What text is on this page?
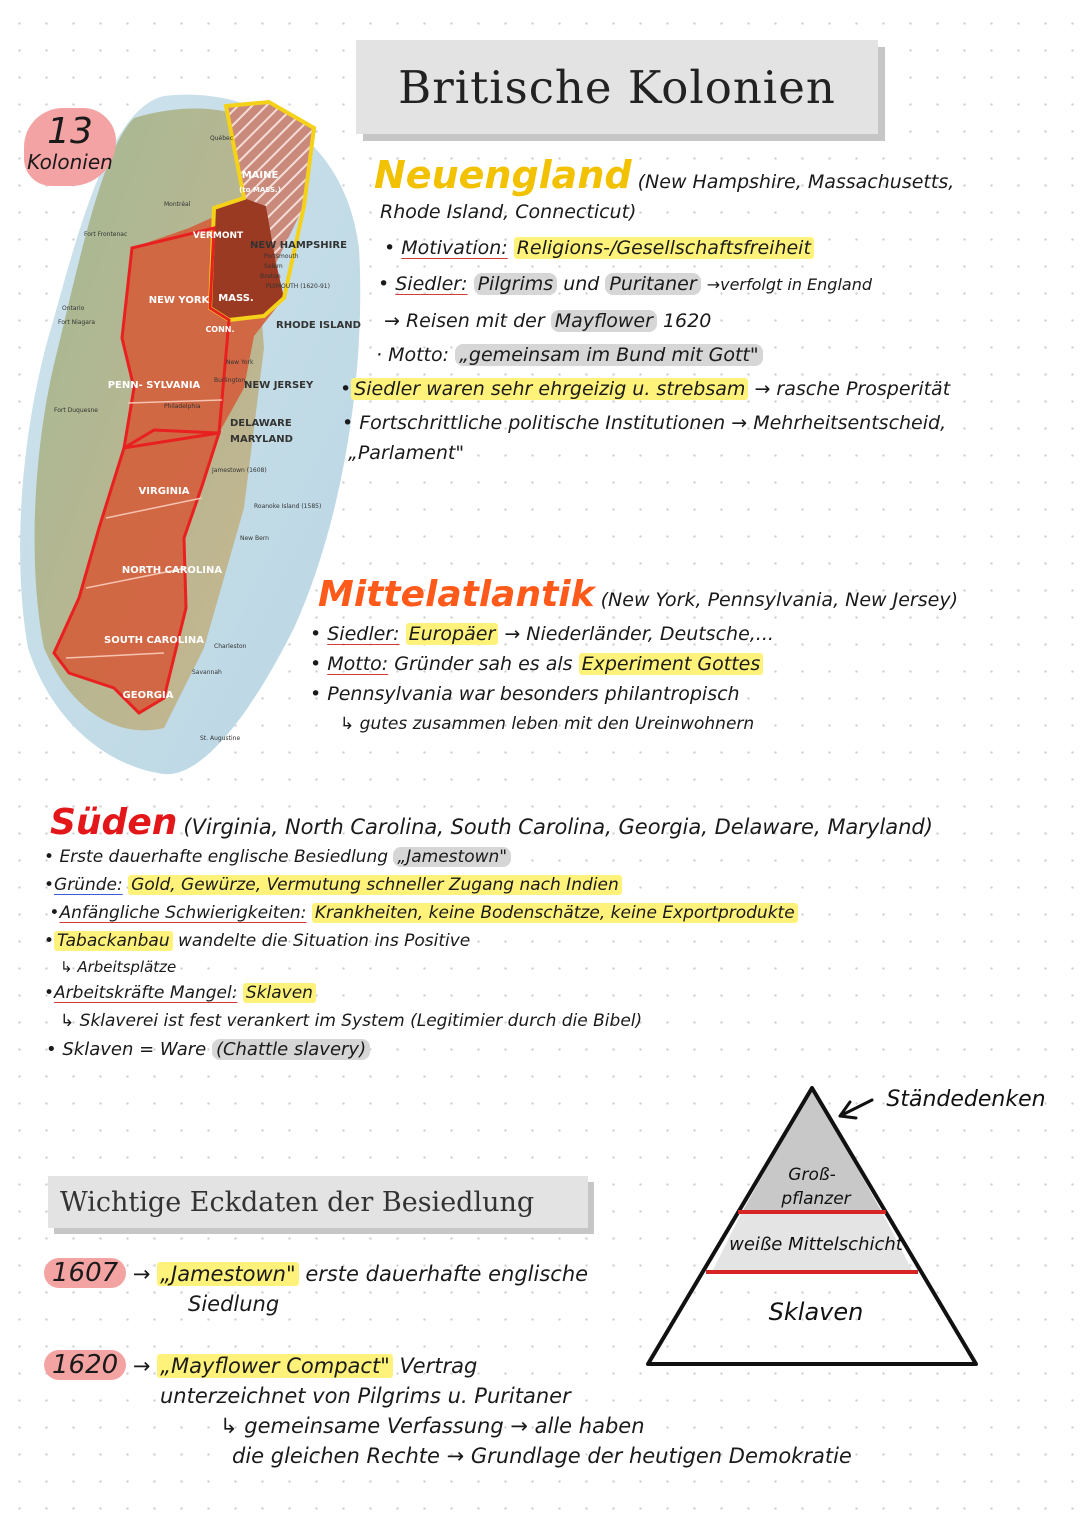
Britische Kolonien
NEW YORK
PENN- SYLVANIA
VIRGINIA
NORTH CAROLINA
SOUTH CAROLINA
GEORGIA
MASS.
MAINE
(to MASS.)
VERMONT
CONN.
NEW HAMPSHIRE
RHODE ISLAND
NEW JERSEY
DELAWARE
MARYLAND
Québec
Montréal
Portsmouth
Salem
Boston
PLYMOUTH (1620-91)
Fort Frontenac
Ontario
Fort Niagara
New York
Burlington
Philadelphia
Fort Duquesne
Jamestown (1608)
Roanoke Island (1585)
New Bern
Charleston
Savannah
St. Augustine
13
Kolonien	Neuengland (New Hampshire, Massachusetts,

Rhode Island, Connecticut)

• Motivation: Religions-/Gesellschaftsfreiheit

• Siedler: Pilgrims und Puritaner →verfolgt in England

→ Reisen mit der Mayflower 1620

· Motto: „gemeinsam im Bund mit Gott"

• Siedler waren sehr ehrgeizig u. strebsam → rasche Prosperität

• Fortschrittliche politische Institutionen → Mehrheitsentscheid,

„Parlament"

Mittelatlantik (New York, Pennsylvania, New Jersey)

• Siedler: Europäer → Niederländer, Deutsche,...

• Motto: Gründer sah es als Experiment Gottes

• Pennsylvania war besonders philantropisch

↳ gutes zusammen leben mit den Ureinwohnern

Süden (Virginia, North Carolina, South Carolina, Georgia, Delaware, Maryland)

• Erste dauerhafte englische Besiedlung „Jamestown"

•Gründe: Gold, Gewürze, Vermutung schneller Zugang nach Indien

•Anfängliche Schwierigkeiten: Krankheiten, keine Bodenschätze, keine Exportprodukte

• Tabackanbau wandelte die Situation ins Positive

↳ Arbeitsplätze

•Arbeitskräfte Mangel: Sklaven

↳ Sklaverei ist fest verankert im System (Legitimier durch die Bibel)

• Sklaven = Ware (Chattle slavery)

Groß-
pflanzer
weiße Mittelschicht
Sklaven
Ständedenken
Wichtige Eckdaten der Besiedlung

1607 → „Jamestown" erste dauerhafte englische

Siedlung

1620 → „Mayflower Compact" Vertrag

unterzeichnet von Pilgrims u. Puritaner

↳ gemeinsame Verfassung → alle haben

die gleichen Rechte → Grundlage der heutigen Demokratie
